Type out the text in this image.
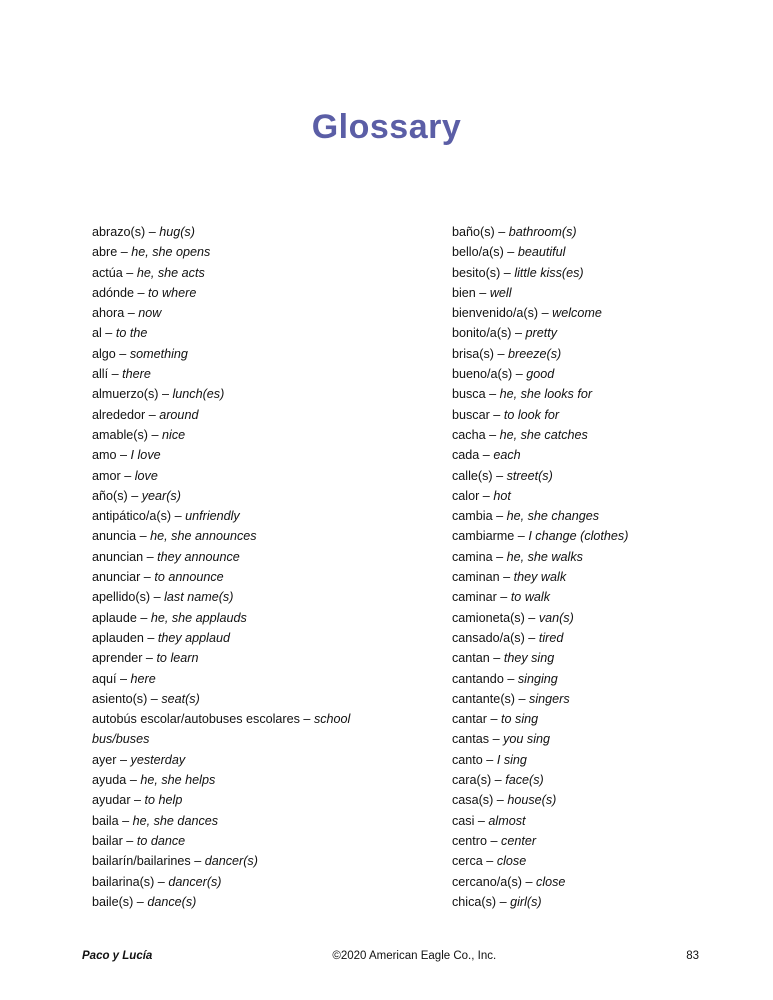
Glossary
abrazo(s) – hug(s)
abre – he, she opens
actúa – he, she acts
adónde – to where
ahora – now
al – to the
algo – something
allí – there
almuerzo(s) – lunch(es)
alrededor – around
amable(s) – nice
amo – I love
amor – love
año(s) – year(s)
antipático/a(s) – unfriendly
anuncia – he, she announces
anuncian – they announce
anunciar – to announce
apellido(s) – last name(s)
aplaude – he, she applauds
aplauden – they applaud
aprender – to learn
aquí – here
asiento(s) – seat(s)
autobús escolar/autobuses escolares – school bus/buses
ayer – yesterday
ayuda – he, she helps
ayudar – to help
baila – he, she dances
bailar – to dance
bailarín/bailarines – dancer(s)
bailarina(s) – dancer(s)
baile(s) – dance(s)
baño(s) – bathroom(s)
bello/a(s) – beautiful
besito(s) – little kiss(es)
bien – well
bienvenido/a(s) – welcome
bonito/a(s) – pretty
brisa(s) – breeze(s)
bueno/a(s) – good
busca – he, she looks for
buscar – to look for
cacha – he, she catches
cada – each
calle(s) – street(s)
calor – hot
cambia – he, she changes
cambiarme – I change (clothes)
camina – he, she walks
caminan – they walk
caminar – to walk
camioneta(s) – van(s)
cansado/a(s) – tired
cantan – they sing
cantando – singing
cantante(s) – singers
cantar – to sing
cantas – you sing
canto – I sing
cara(s) – face(s)
casa(s) – house(s)
casi – almost
centro – center
cerca – close
cercano/a(s) – close
chica(s) – girl(s)
Paco y Lucía	©2020 American Eagle Co., Inc.	83
